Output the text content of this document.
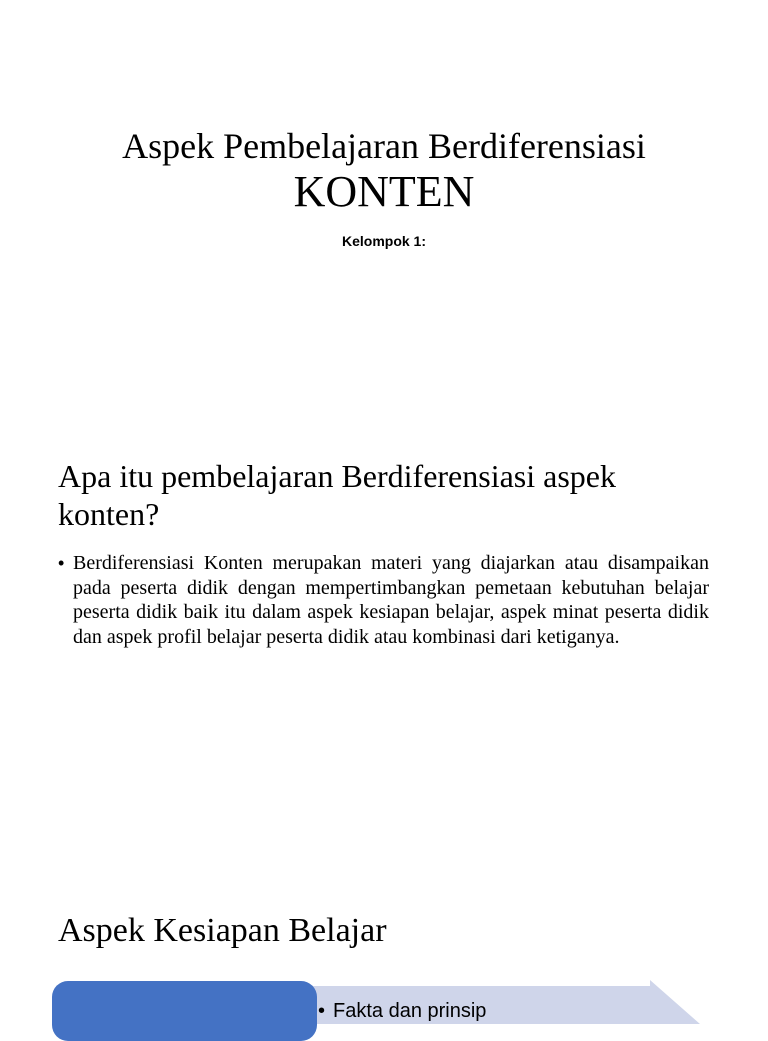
Aspek Pembelajaran Berdiferensiasi
KONTEN
Kelompok 1:
Apa itu pembelajaran Berdiferensiasi aspek konten?
• Berdiferensiasi Konten merupakan materi yang diajarkan atau disampaikan pada peserta didik dengan mempertimbangkan pemetaan kebutuhan belajar peserta didik baik itu dalam aspek kesiapan belajar, aspek minat peserta didik dan aspek profil belajar peserta didik atau kombinasi dari ketiganya.
Aspek Kesiapan Belajar
• Fakta dan prinsip
